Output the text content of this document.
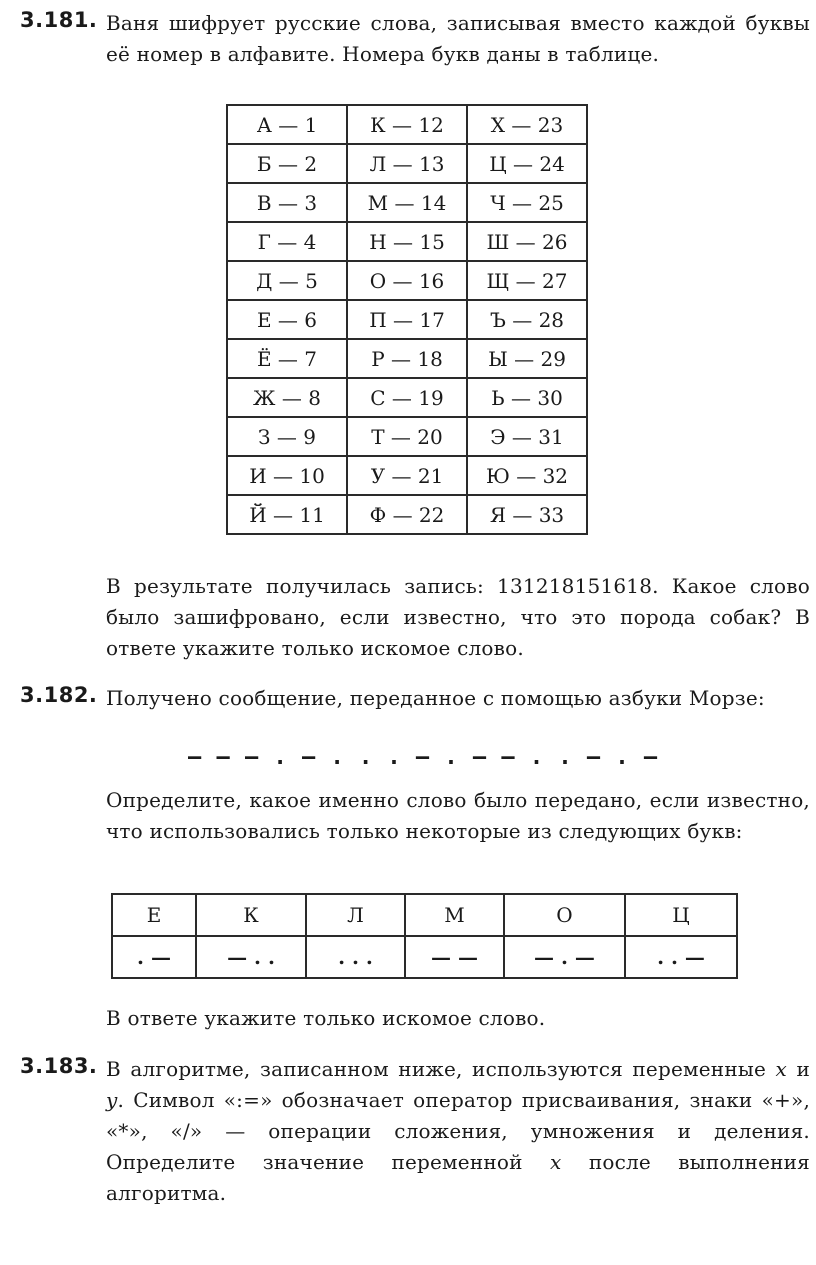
3.181. Ваня шифрует русские слова, записывая вместо каждой буквы её номер в алфавите. Номера букв даны в таблице.
А — 1	К — 12	Х — 23
Б — 2	Л — 13	Ц — 24
В — 3	М — 14	Ч — 25
Г — 4	Н — 15	Ш — 26
Д — 5	О — 16	Щ — 27
Е — 6	П — 17	Ъ — 28
Ё — 7	Р — 18	Ы — 29
Ж — 8	С — 19	Ь — 30
З — 9	Т — 20	Э — 31
И — 10	У — 21	Ю — 32
Й — 11	Ф — 22	Я — 33
В результате получилась запись: 131218151618. Какое слово было зашифровано, если известно, что это порода собак? В ответе укажите только искомое слово.
3.182. Получено сообщение, переданное с помощью азбуки Морзе:
— — — . — . . . — . — — . . — . —
Определите, какое именно слово было передано, если известно, что использовались только некоторые из следующих букв:
Е	К	Л	М	О	Ц
. —	— . .	. . .	— —	— . —	. . —
В ответе укажите только искомое слово.
3.183. В алгоритме, записанном ниже, используются переменные x и y. Символ «:=» обозначает оператор присваивания, знаки «+», «*», «/» — операции сложения, умножения и деления. Определите значение переменной x после выполнения алгоритма.
